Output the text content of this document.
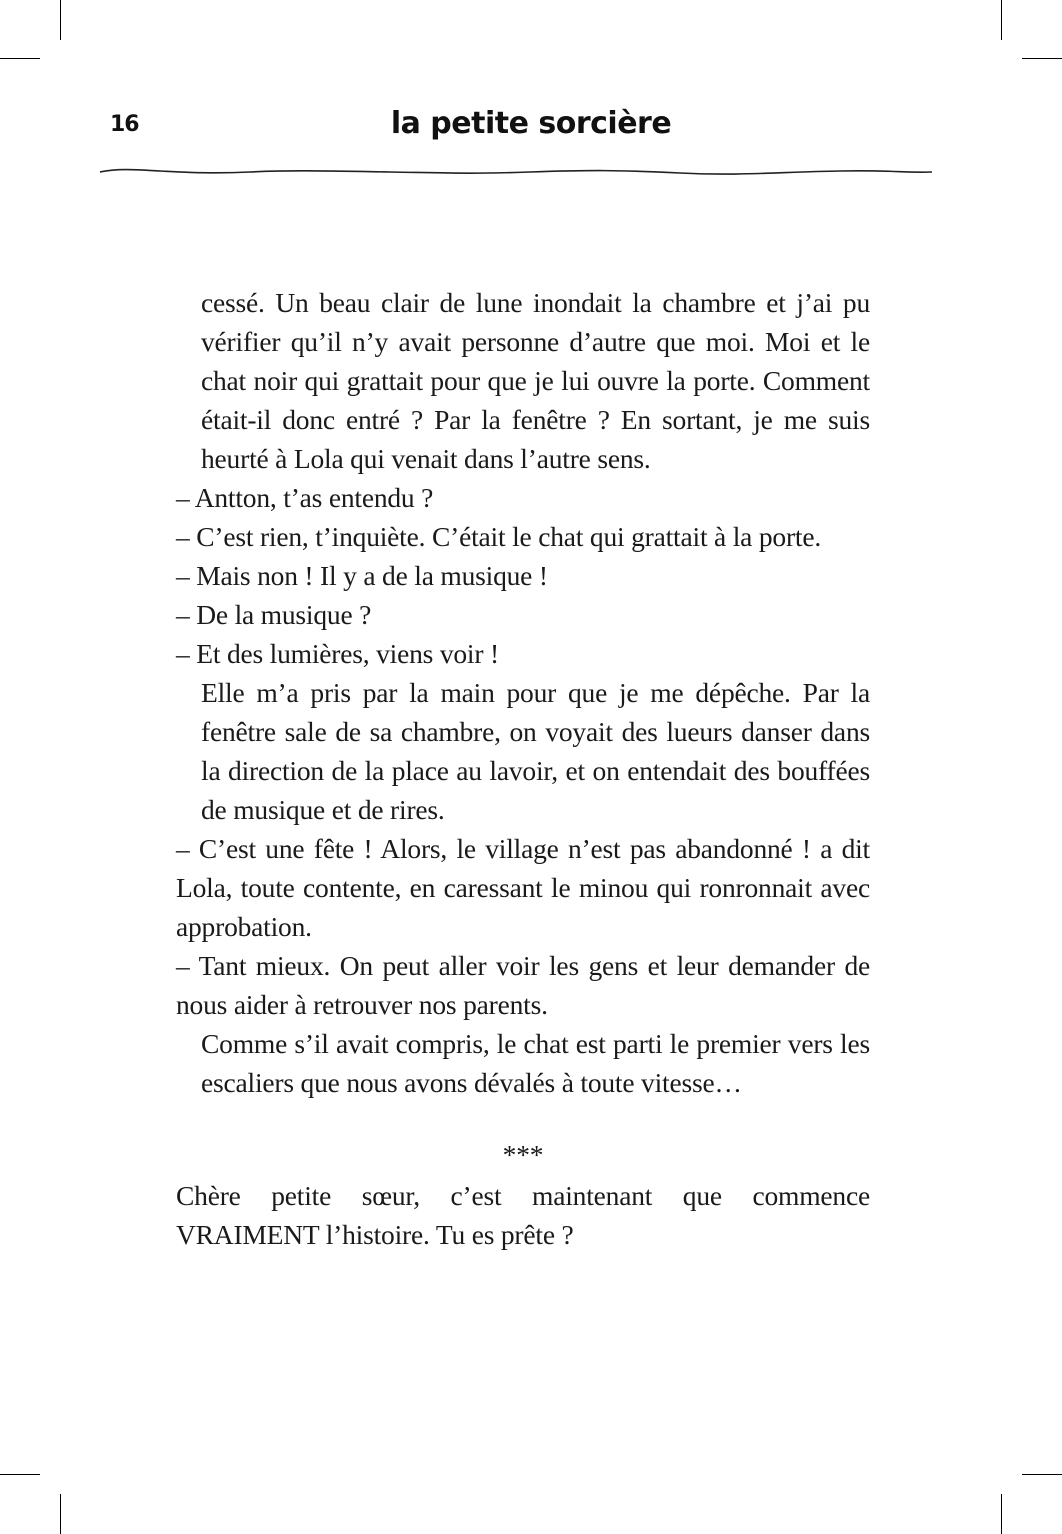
16	la petite sorcière

cessé. Un beau clair de lune inondait la chambre et j’ai pu vérifier qu’il n’y avait personne d’autre que moi. Moi et le chat noir qui grattait pour que je lui ouvre la porte. Comment était-il donc entré ? Par la fenêtre ? En sortant, je me suis heurté à Lola qui venait dans l’autre sens.

– Antton, t’as entendu ?

– C’est rien, t’inquiète. C’était le chat qui grattait à la porte.

– Mais non ! Il y a de la musique !

– De la musique ?

– Et des lumières, viens voir !

Elle m’a pris par la main pour que je me dépêche. Par la fenêtre sale de sa chambre, on voyait des lueurs danser dans la direction de la place au lavoir, et on entendait des bouffées de musique et de rires.

– C’est une fête ! Alors, le village n’est pas abandonné ! a dit Lola, toute contente, en caressant le minou qui ronronnait avec approbation.

– Tant mieux. On peut aller voir les gens et leur demander de nous aider à retrouver nos parents.

Comme s’il avait compris, le chat est parti le premier vers les escaliers que nous avons dévalés à toute vitesse…

***

Chère petite sœur, c’est maintenant que commence VRAIMENT l’histoire. Tu es prête ?
